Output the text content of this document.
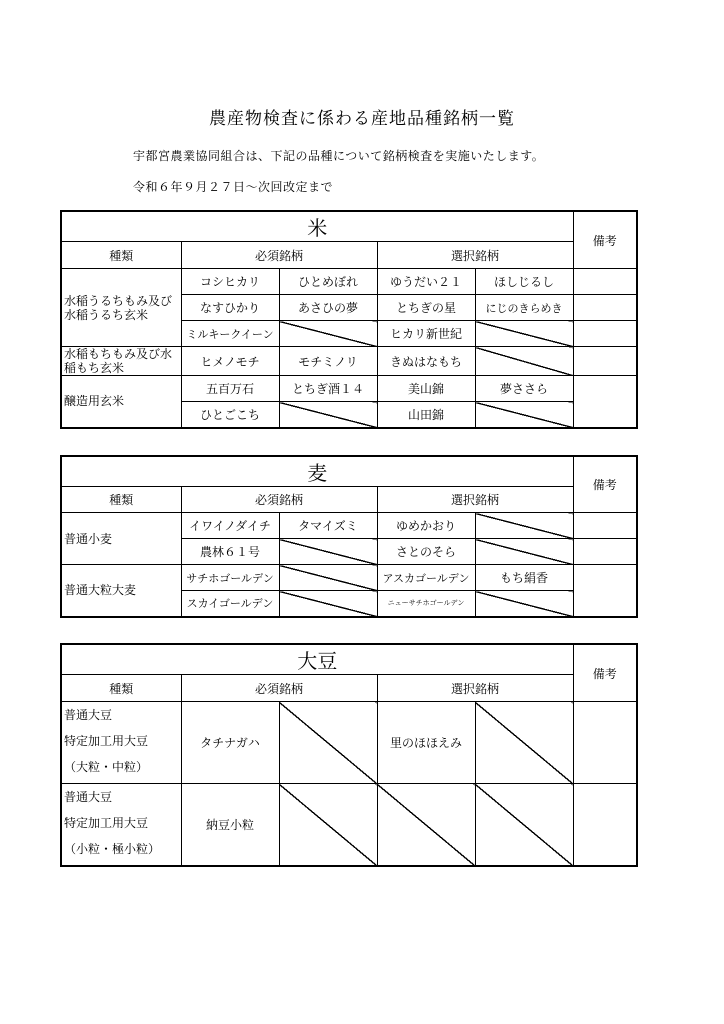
農産物検査に係わる産地品種銘柄一覧
宇都宮農業協同組合は、下記の品種について銘柄検査を実施いたします。
令和６年９月２７日～次回改定まで
米					備考
種類	必須銘柄		選択銘柄		
水稲うるちもみ及び水稲うるち玄米	コシヒカリ	ひとめぼれ	ゆうだい２１	ほしじるし	
	なすひかり	あさひの夢	とちぎの星	にじのきらめき	
	ミルキークイーン		ヒカリ新世紀		
水稲もちもみ及び水稲もち玄米	ヒメノモチ	モチミノリ	きぬはなもち		
醸造用玄米	五百万石	とちぎ酒１４	美山錦	夢ささら	
	ひとごこち		山田錦		
麦					備考
種類	必須銘柄		選択銘柄		
普通小麦	イワイノダイチ	タマイズミ	ゆめかおり		
	農林６１号		さとのそら		
普通大粒大麦	サチホゴールデン		アスカゴールデン	もち絹香	
	スカイゴールデン		ニューサチホゴールデン		
大豆					備考
種類	必須銘柄		選択銘柄		

普通大豆
特定加工用大豆
（大粒・中粒）	タチナガハ		里のほほえみ		

普通大豆
特定加工用大豆
（小粒・極小粒）	納豆小粒				
